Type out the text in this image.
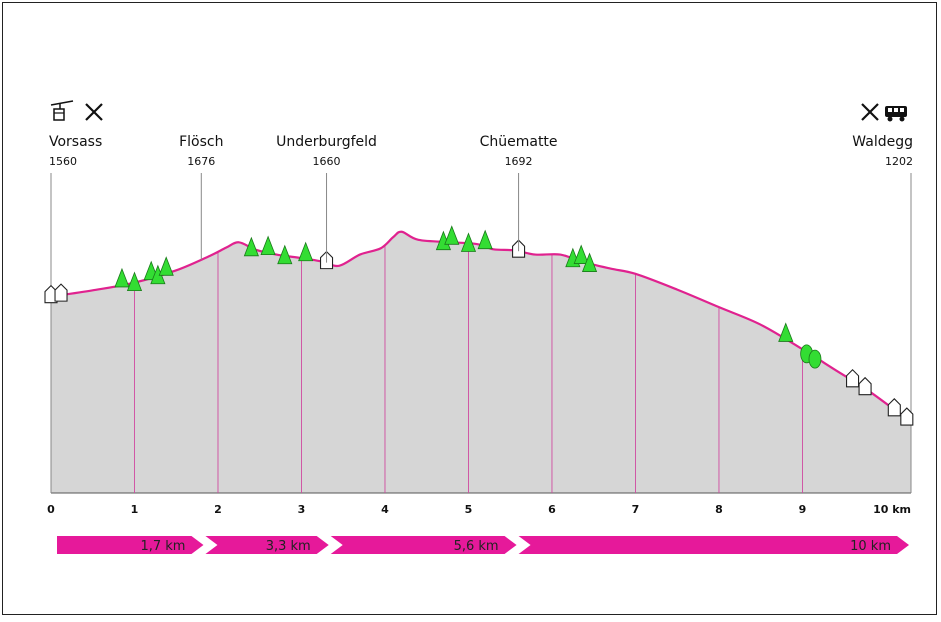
Vorsass
1560
Flösch
1676
Underburgfeld
1660
Chüematte
1692
Waldegg
1202
0	1	2	3	4	5	6	7	8	9	10 km
1,7 km	3,3 km	5,6 km	10 km
